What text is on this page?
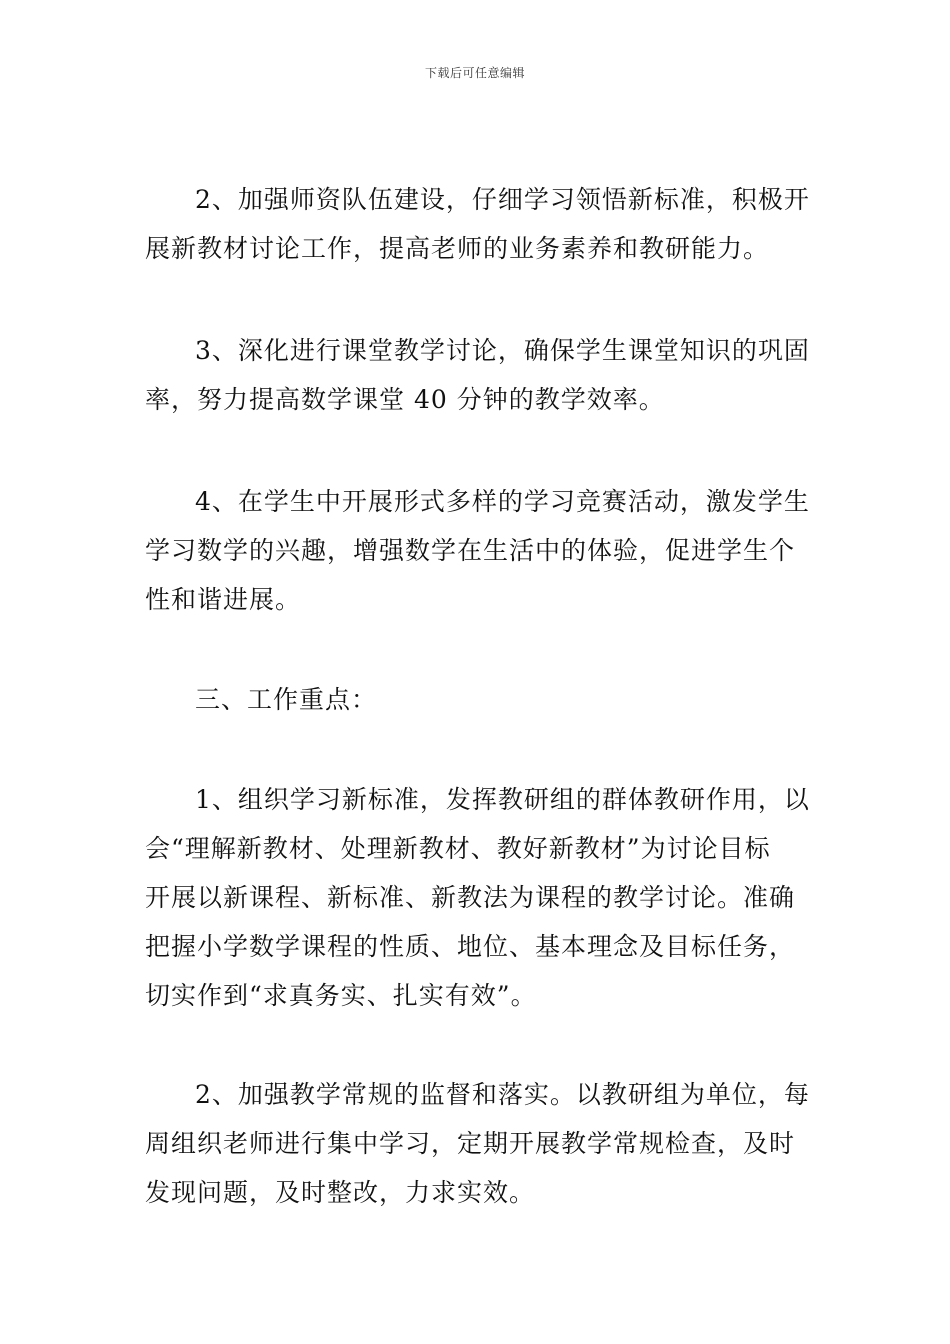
下载后可任意编辑
2、加强师资队伍建设，仔细学习领悟新标准，积极开
展新教材讨论工作，提高老师的业务素养和教研能力。
3、深化进行课堂教学讨论，确保学生课堂知识的巩固
率，努力提高数学课堂 40 分钟的教学效率。
4、在学生中开展形式多样的学习竞赛活动，激发学生
学习数学的兴趣，增强数学在生活中的体验，促进学生个
性和谐进展。
三、工作重点：
1、组织学习新标准，发挥教研组的群体教研作用，以
会“理解新教材、处理新教材、教好新教材”为讨论目标
开展以新课程、新标准、新教法为课程的教学讨论。准确
把握小学数学课程的性质、地位、基本理念及目标任务，
切实作到“求真务实、扎实有效”。
2、加强教学常规的监督和落实。以教研组为单位，每
周组织老师进行集中学习，定期开展教学常规检查，及时
发现问题，及时整改，力求实效。
